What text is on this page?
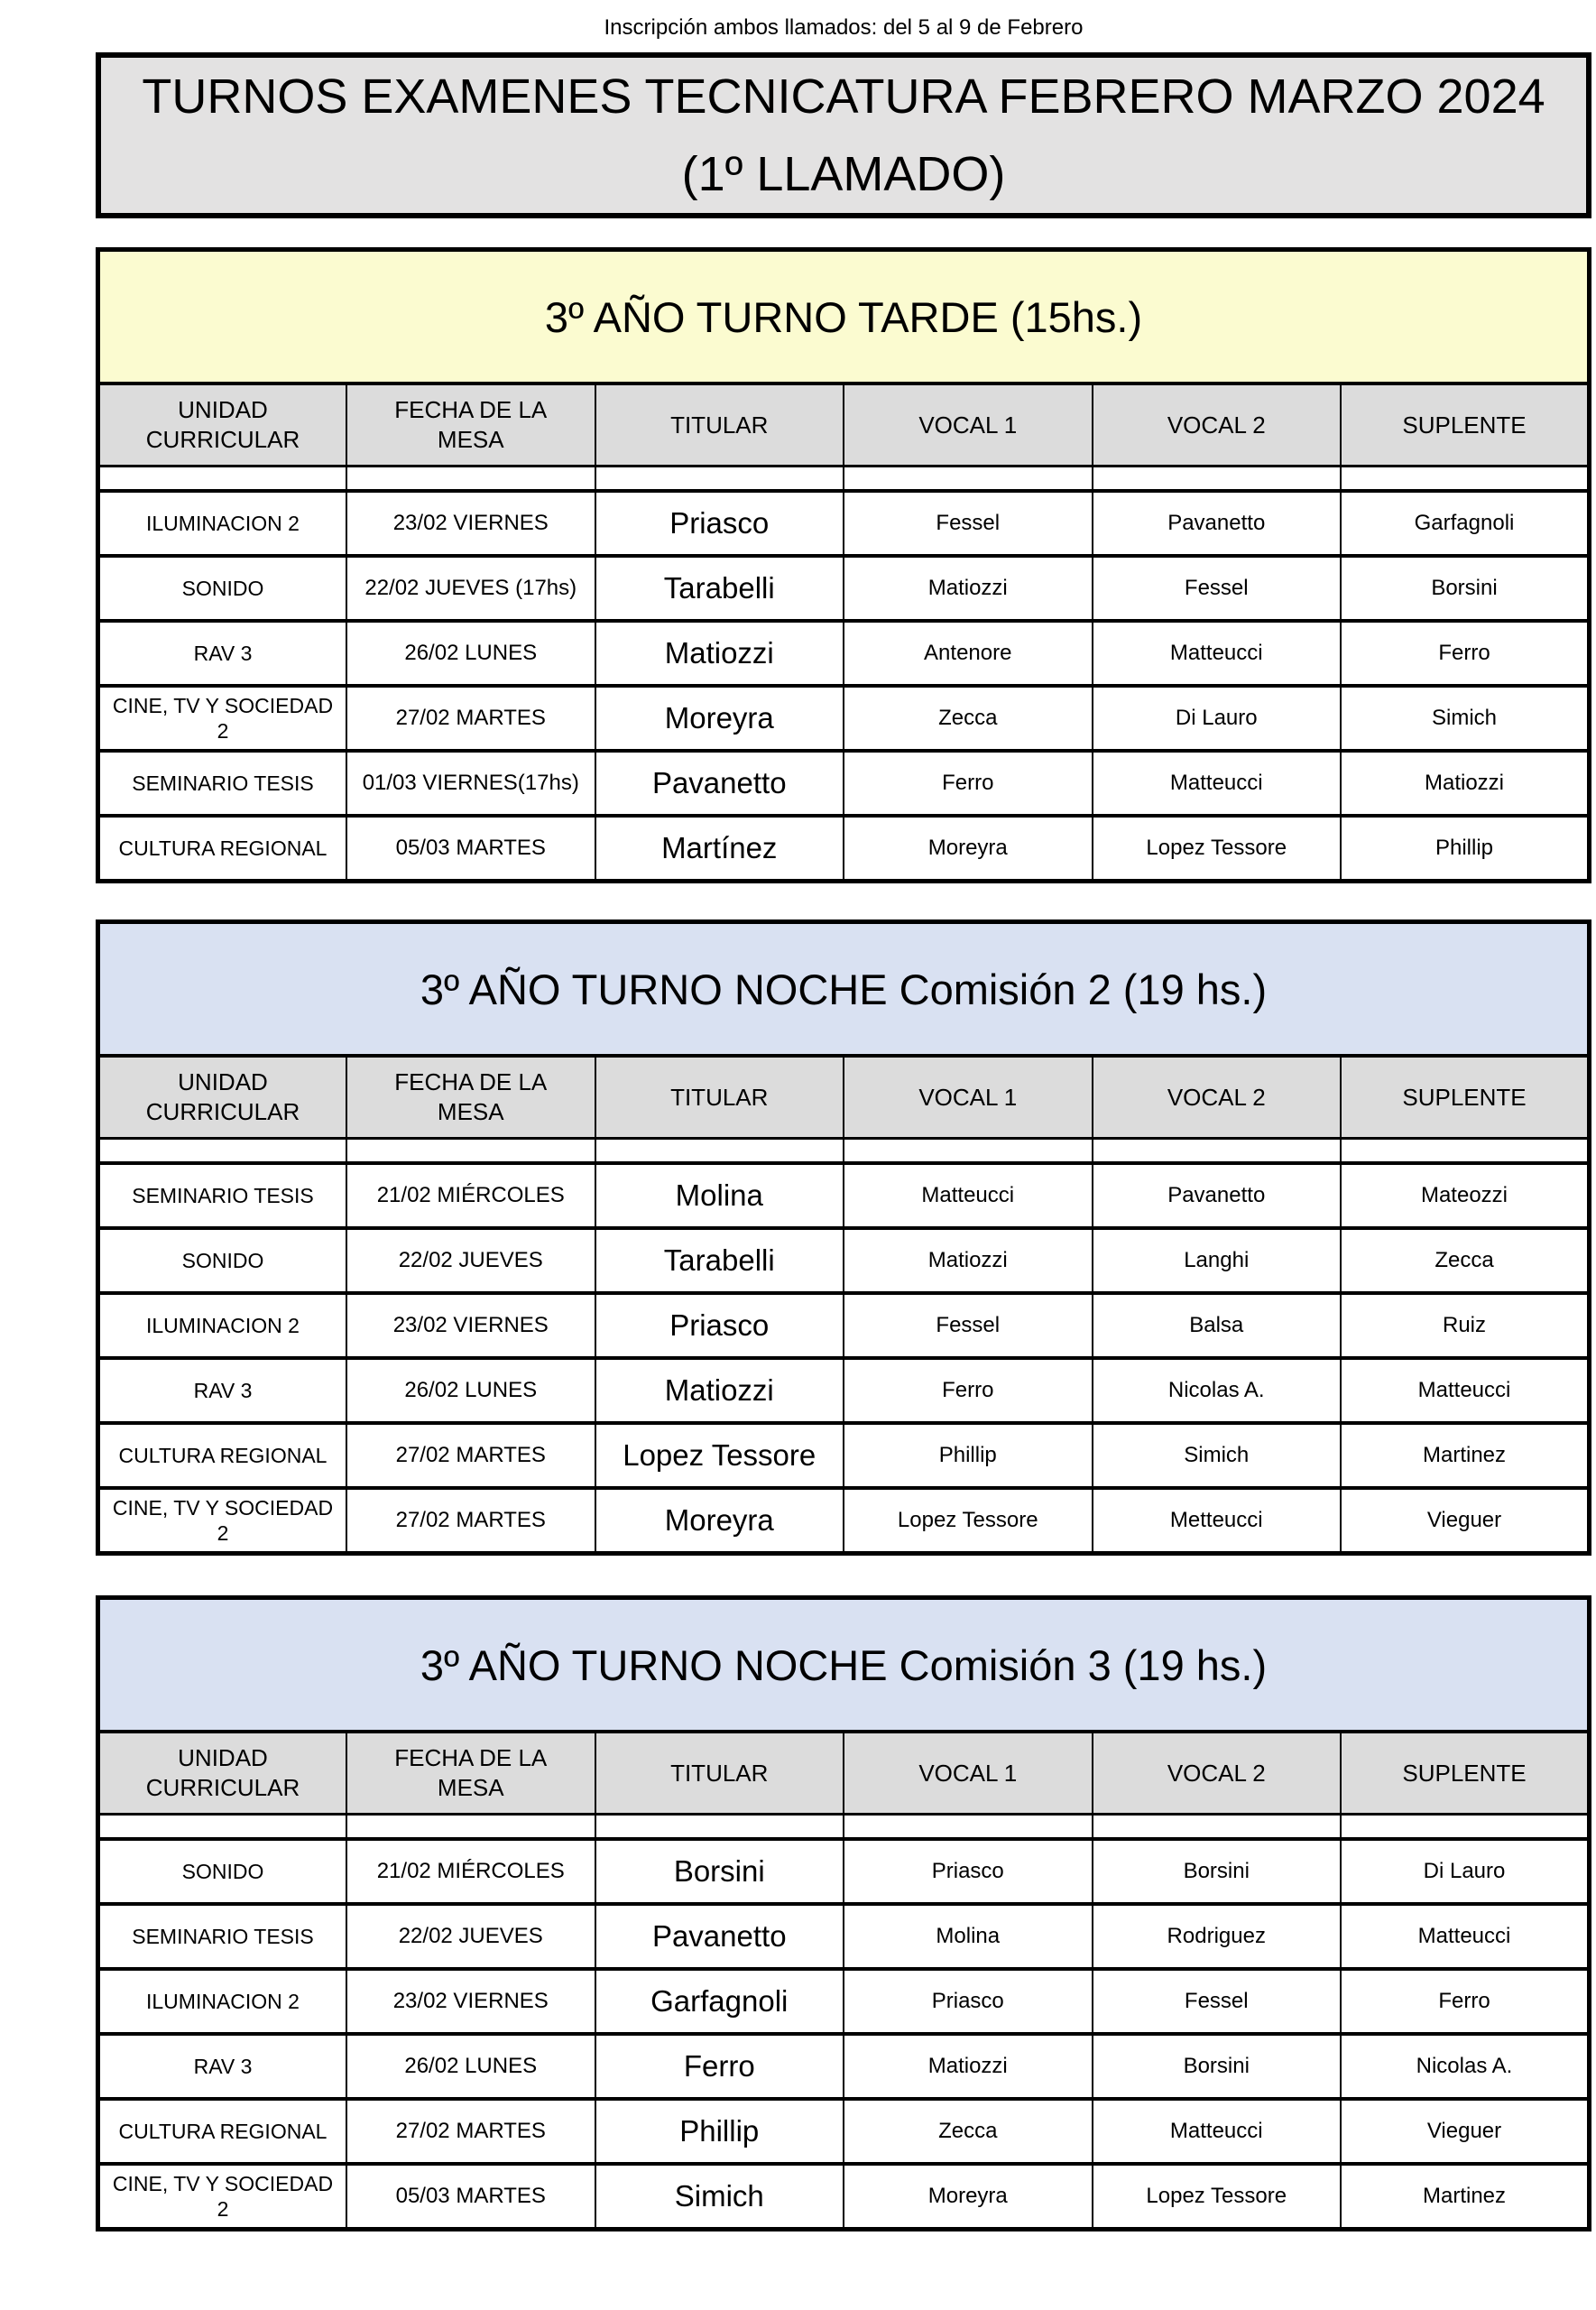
Inscripción ambos llamados: del 5 al 9 de Febrero
TURNOS EXAMENES TECNICATURA FEBRERO MARZO 2024
(1º LLAMADO)
3º AÑO TURNO TARDE (15hs.)					
UNIDAD CURRICULAR	FECHA DE LA MESA	TITULAR	VOCAL 1	VOCAL 2	SUPLENTE

ILUMINACION 2	23/02 VIERNES	Priasco	Fessel	Pavanetto	Garfagnoli
SONIDO	22/02 JUEVES (17hs)	Tarabelli	Matiozzi	Fessel	Borsini
RAV 3	26/02 LUNES	Matiozzi	Antenore	Matteucci	Ferro
CINE, TV Y SOCIEDAD 2	27/02 MARTES	Moreyra	Zecca	Di Lauro	Simich
SEMINARIO TESIS	01/03 VIERNES(17hs)	Pavanetto	Ferro	Matteucci	Matiozzi
CULTURA REGIONAL	05/03 MARTES	Martínez	Moreyra	Lopez Tessore	Phillip
3º AÑO TURNO NOCHE Comisión 2 (19 hs.)					
UNIDAD CURRICULAR	FECHA DE LA MESA	TITULAR	VOCAL 1	VOCAL 2	SUPLENTE

SEMINARIO TESIS	21/02 MIÉRCOLES	Molina	Matteucci	Pavanetto	Mateozzi
SONIDO	22/02 JUEVES	Tarabelli	Matiozzi	Langhi	Zecca
ILUMINACION 2	23/02 VIERNES	Priasco	Fessel	Balsa	Ruiz
RAV 3	26/02 LUNES	Matiozzi	Ferro	Nicolas A.	Matteucci
CULTURA REGIONAL	27/02 MARTES	Lopez Tessore	Phillip	Simich	Martinez
CINE, TV Y SOCIEDAD 2	27/02 MARTES	Moreyra	Lopez Tessore	Metteucci	Vieguer
3º AÑO TURNO NOCHE Comisión 3 (19 hs.)					
UNIDAD CURRICULAR	FECHA DE LA MESA	TITULAR	VOCAL 1	VOCAL 2	SUPLENTE

SONIDO	21/02 MIÉRCOLES	Borsini	Priasco	Borsini	Di Lauro
SEMINARIO TESIS	22/02 JUEVES	Pavanetto	Molina	Rodriguez	Matteucci
ILUMINACION 2	23/02 VIERNES	Garfagnoli	Priasco	Fessel	Ferro
RAV 3	26/02 LUNES	Ferro	Matiozzi	Borsini	Nicolas A.
CULTURA REGIONAL	27/02 MARTES	Phillip	Zecca	Matteucci	Vieguer
CINE, TV Y SOCIEDAD 2	05/03 MARTES	Simich	Moreyra	Lopez Tessore	Martinez
